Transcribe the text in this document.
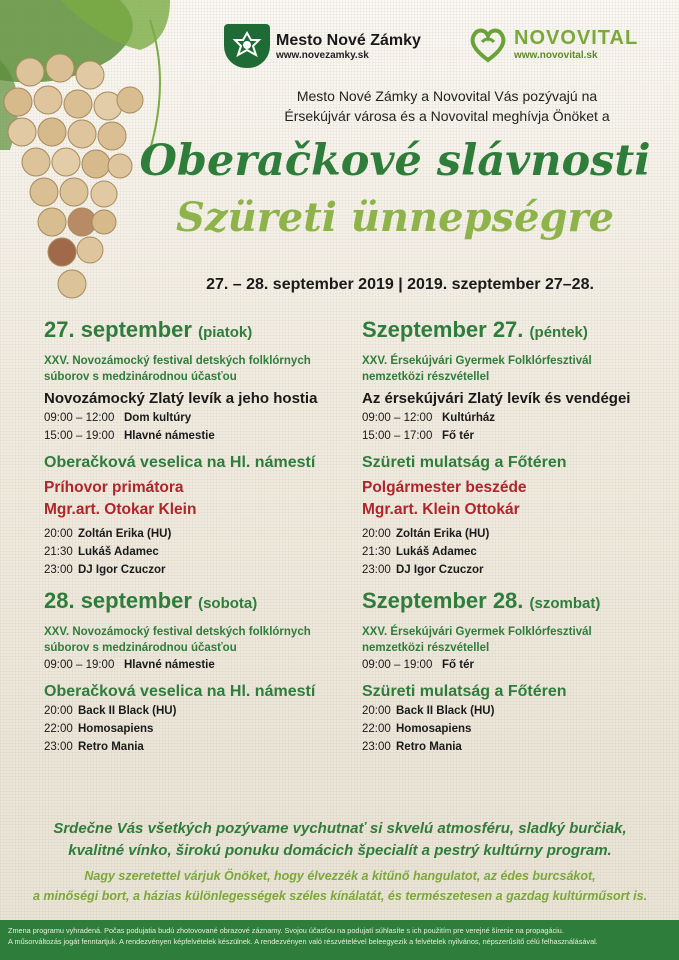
Mesto Nové Zámky
www.novezamky.sk
NOVOVITAL
www.novovital.sk
Mesto Nové Zámky a Novovital Vás pozývajú na
Érsekújvár városa és a Novovital meghívja Önöket a
Oberačkové slávnosti
Szüreti ünnepségre
27. – 28. september 2019 | 2019. szeptember 27–28.
27. september (piatok)
XXV. Novozámocký festival detských folklórnych
súborov s medzinárodnou účasťou
Novozámocký Zlatý levík a jeho hostia
09:00 – 12:00 Dom kultúry
15:00 – 19:00 Hlavné námestie
Oberačková veselica na Hl. námestí
Príhovor primátora
Mgr.art. Otokar Klein
20:00 Zoltán Erika (HU)
21:30 Lukáš Adamec
23:00 DJ Igor Czuczor
28. september (sobota)
XXV. Novozámocký festival detských folklórnych
súborov s medzinárodnou účasťou
09:00 – 19:00 Hlavné námestie
Oberačková veselica na Hl. námestí
20:00 Back II Black (HU)
22:00 Homosapiens
23:00 Retro Mania
Szeptember 27. (péntek)
XXV. Érsekújvári Gyermek Folklórfesztivál
nemzetközi részvétellel
Az érsekújvári Zlatý levík és vendégei
09:00 – 12:00 Kultúrház
15:00 – 17:00 Fő tér
Szüreti mulatság a Főtéren
Polgármester beszéde
Mgr.art. Klein Ottokár
20:00 Zoltán Erika (HU)
21:30 Lukáš Adamec
23:00 DJ Igor Czuczor
Szeptember 28. (szombat)
XXV. Érsekújvári Gyermek Folklórfesztivál
nemzetközi részvétellel
09:00 – 19:00 Fő tér
Szüreti mulatság a Főtéren
20:00 Back II Black (HU)
22:00 Homosapiens
23:00 Retro Mania
Srdečne Vás všetkých pozývame vychutnať si skvelú atmosféru, sladký burčiak,
kvalitné vínko, širokú ponuku domácich špecialít a pestrý kultúrny program.
Nagy szeretettel várjuk Önöket, hogy élvezzék a kitűnő hangulatot, az édes burcsákot,
a minőségi bort, a házias különlegességek széles kínálatát, és természetesen a gazdag kultúrműsort is.
Zmena programu vyhradená. Počas podujatia budú zhotovované obrazové záznamy. Svojou účasťou na podujatí súhlasíte s ich použitím pre verejné šírenie na propagáciu.
A műsorváltozás jogát fenntartjuk. A rendezvényen képfelvételek készülnek. A rendezvényen való részvételével beleegyezik a felvételek nyilvános, népszerűsítő célú felhasználásával.
